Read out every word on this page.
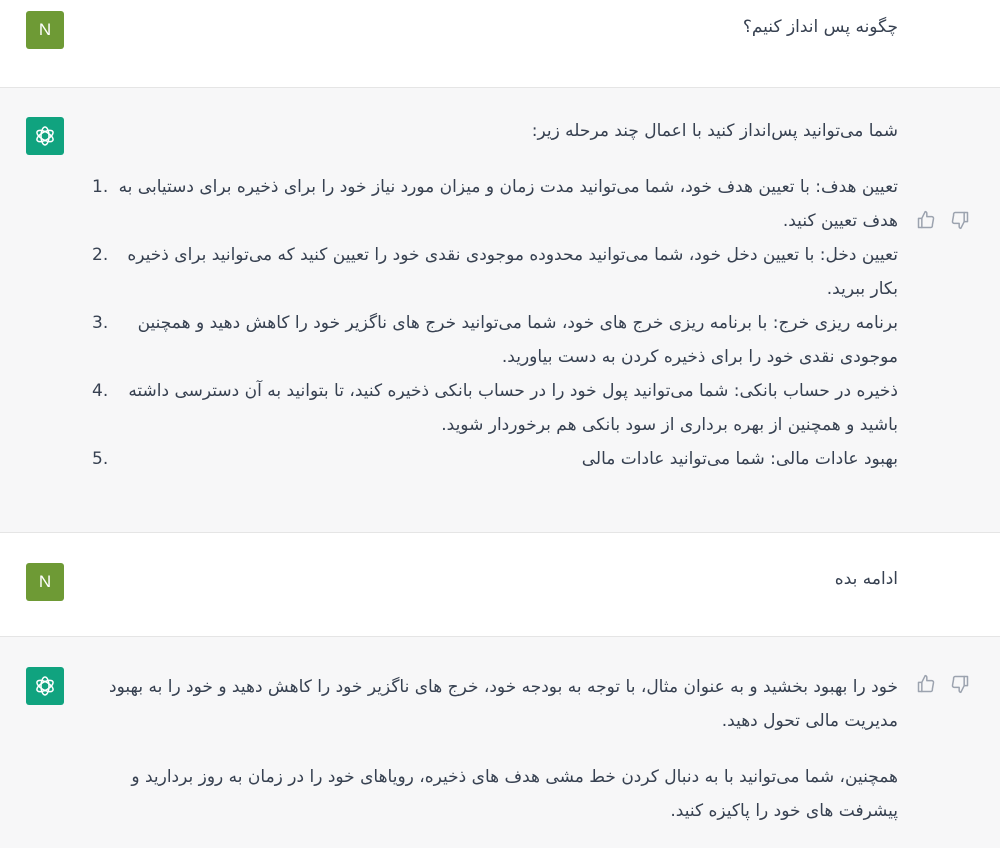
N	چگونه پس انداز کنیم؟

شما می‌توانید پس‌انداز کنید با اعمال چند مرحله زیر:

1. تعیین هدف: با تعیین هدف خود، شما می‌توانید مدت زمان و میزان مورد نیاز خود را برای ذخیره برای دستیابی به هدف تعیین کنید.
2.	تعیین دخل: با تعیین دخل خود، شما می‌توانید محدوده موجودی نقدی خود را تعیین کنید که می‌توانید برای ذخیره بکار ببرید.
3.	برنامه ریزی خرج: با برنامه ریزی خرج های خود، شما می‌توانید خرج های ناگزیر خود را کاهش دهید و همچنین موجودی نقدی خود را برای ذخیره کردن به دست بیاورید.
4.	ذخیره در حساب بانکی: شما می‌توانید پول خود را در حساب بانکی ذخیره کنید، تا بتوانید به آن دسترسی داشته باشید و همچنین از بهره برداری از سود بانکی هم برخوردار شوید.
5.	بهبود عادات مالی: شما می‌توانید عادات مالی
N	ادامه بده

خود را بهبود بخشید و به عنوان مثال، با توجه به بودجه خود، خرج های ناگزیر خود را کاهش دهید و خود را به بهبود مدیریت مالی تحول دهید.

همچنین، شما می‌توانید با به دنبال کردن خط مشی هدف های ذخیره، رویاهای خود را در زمان به روز بردارید و پیشرفت های خود را پاکیزه کنید.
